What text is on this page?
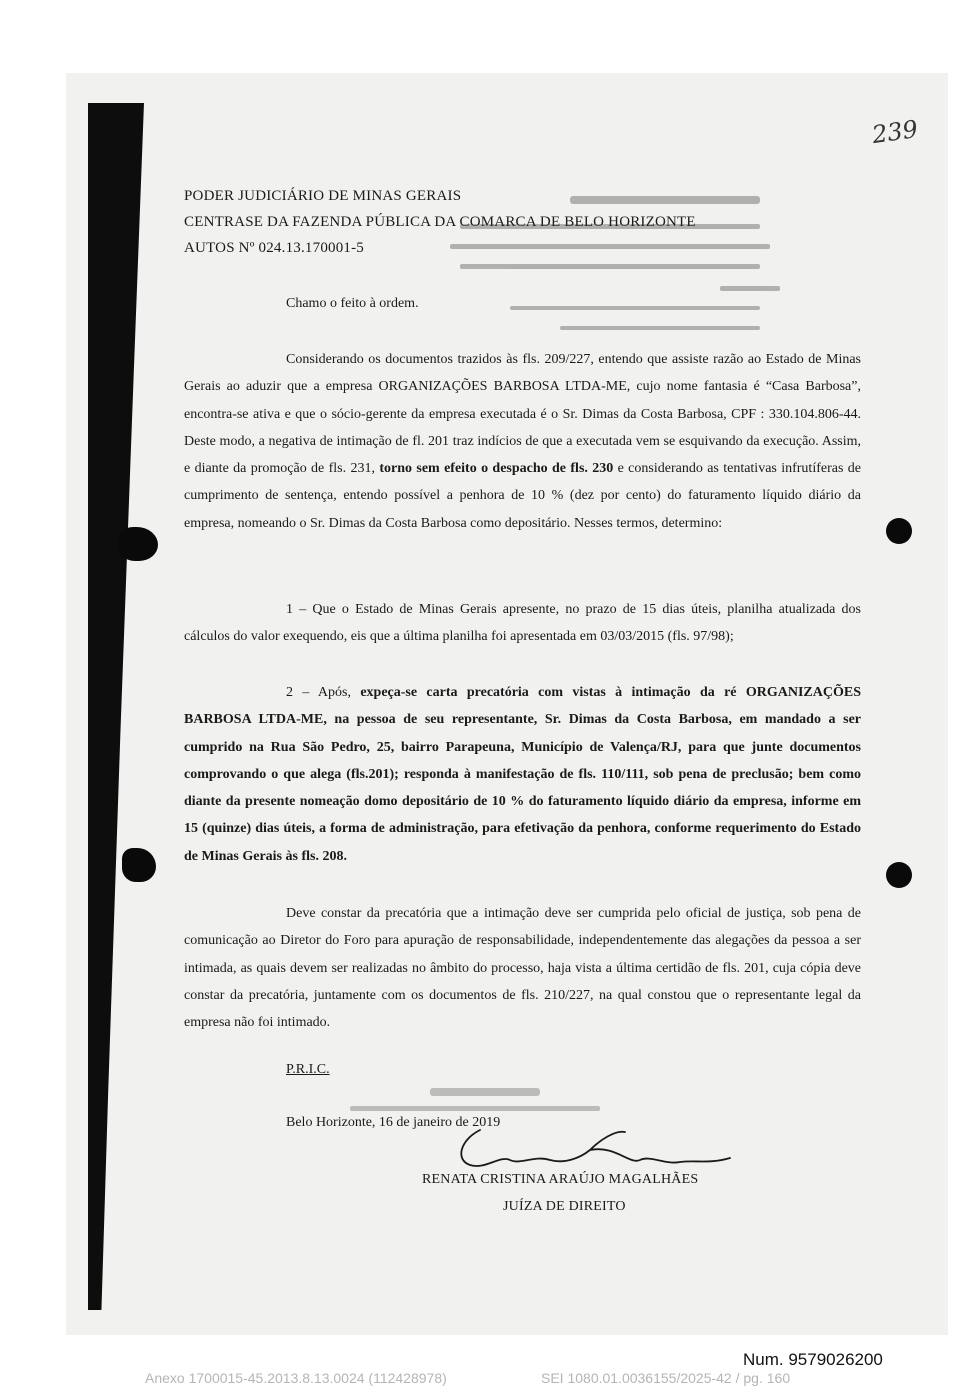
239
PODER JUDICIÁRIO DE MINAS GERAIS
CENTRASE DA FAZENDA PÚBLICA DA COMARCA DE BELO HORIZONTE
AUTOS Nº 024.13.170001-5
Chamo o feito à ordem.
Considerando os documentos trazidos às fls. 209/227, entendo que assiste razão ao Estado de Minas Gerais ao aduzir que a empresa ORGANIZAÇÕES BARBOSA LTDA-ME, cujo nome fantasia é “Casa Barbosa”, encontra-se ativa e que o sócio-gerente da empresa executada é o Sr. Dimas da Costa Barbosa, CPF : 330.104.806-44. Deste modo, a negativa de intimação de fl. 201 traz indícios de que a executada vem se esquivando da execução. Assim, e diante da promoção de fls. 231, torno sem efeito o despacho de fls. 230 e considerando as tentativas infrutíferas de cumprimento de sentença, entendo possível a penhora de 10 % (dez por cento) do faturamento líquido diário da empresa, nomeando o Sr. Dimas da Costa Barbosa como depositário. Nesses termos, determino:
1 – Que o Estado de Minas Gerais apresente, no prazo de 15 dias úteis, planilha atualizada dos cálculos do valor exequendo, eis que a última planilha foi apresentada em 03/03/2015 (fls. 97/98);
2 – Após, expeça-se carta precatória com vistas à intimação da ré ORGANIZAÇÕES BARBOSA LTDA-ME, na pessoa de seu representante, Sr. Dimas da Costa Barbosa, em mandado a ser cumprido na Rua São Pedro, 25, bairro Parapeuna, Município de Valença/RJ, para que junte documentos comprovando o que alega (fls.201); responda à manifestação de fls. 110/111, sob pena de preclusão; bem como diante da presente nomeação domo depositário de 10 % do faturamento líquido diário da empresa, informe em 15 (quinze) dias úteis, a forma de administração, para efetivação da penhora, conforme requerimento do Estado de Minas Gerais às fls. 208.
Deve constar da precatória que a intimação deve ser cumprida pelo oficial de justiça, sob pena de comunicação ao Diretor do Foro para apuração de responsabilidade, independentemente das alegações da pessoa a ser intimada, as quais devem ser realizadas no âmbito do processo, haja vista a última certidão de fls. 201, cuja cópia deve constar da precatória, juntamente com os documentos de fls. 210/227, na qual constou que o representante legal da empresa não foi intimado.
P.R.I.C.
Belo Horizonte, 16 de janeiro de 2019
RENATA CRISTINA ARAÚJO MAGALHÃES
JUÍZA DE DIREITO
Num. 9579026200
Anexo 1700015-45.2013.8.13.0024 (112428978)	SEI 1080.01.0036155/2025-42 / pg. 160
